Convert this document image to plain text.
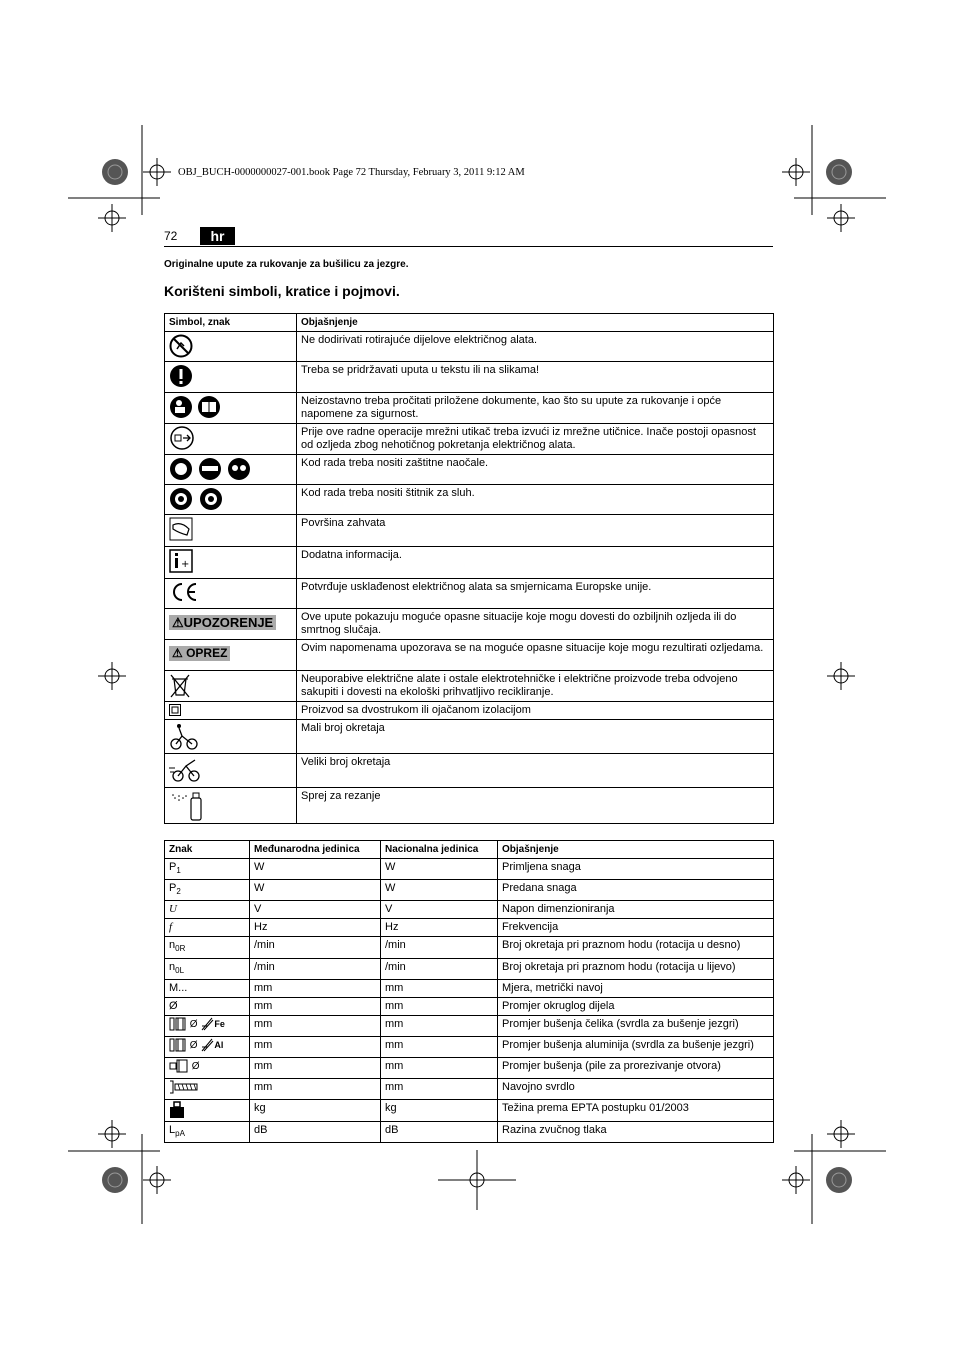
OBJ_BUCH-0000000027-001.book Page 72 Thursday, February 3, 2011 9:12 AM
72	hr
Originalne upute za rukovanje za bušilicu za jezgre.
Korišteni simboli, kratice i pojmovi.
Simbol, znak	Objašnjenje
	Ne dodirivati rotirajuće dijelove električnog alata.
	Treba se pridržavati uputa u tekstu ili na slikama!
	Neizostavno treba pročitati priložene dokumente, kao što su upute za rukovanje i opće napomene za sigurnost.
	Prije ove radne operacije mrežni utikač treba izvući iz mrežne utičnice. Inače postoji opasnost od ozljeda zbog nehotičnog pokretanja električnog alata.
	Kod rada treba nositi zaštitne naočale.
	Kod rada treba nositi štitnik za sluh.
	Površina zahvata

+	Dodatna informacija.
	Potvrđuje usklađenost električnog alata sa smjernicama Europske unije.
⚠UPOZORENJE	Ove upute pokazuju moguće opasne situacije koje mogu dovesti do ozbiljnih ozljeda ili do smrtnog slučaja.
⚠ OPREZ	Ovim napomenama upozorava se na moguće opasne situacije koje mogu rezultirati ozljedama.
	Neuporabive električne alate i ostale elektrotehničke i električne proizvode treba odvojeno sakupiti i dovesti na ekološki prihvatljivo recikliranje.
	Proizvod sa dvostrukom ili ojačanom izolacijom
	Mali broj okretaja
	Veliki broj okretaja
	Sprej za rezanje
Znak	Međunarodna jedinica	Nacionalna jedinica	Objašnjenje
$P_1$	W	W	Primljena snaga
$P_2$	W	W	Predana snaga
U	V	V	Napon dimenzioniranja
f	Hz	Hz	Frekvencija
$n_{0R}$	/min	/min	Broj okretaja pri praznom hodu (rotacija u desno)
$n_{0L}$	/min	/min	Broj okretaja pri praznom hodu (rotacija u lijevo)
M...	mm	mm	Mjera, metrički navoj
Ø	mm	mm	Promjer okruglog dijela
Ø Fe	mm	mm	Promjer bušenja čelika (svrdla za bušenje jezgri)
Ø Al	mm	mm	Promjer bušenja aluminija (svrdla za bušenje jezgri)
Ø	mm	mm	Promjer bušenja (pile za prorezivanje otvora)
	mm	mm	Navojno svrdlo
	kg	kg	Težina prema EPTA postupku 01/2003
$L_{pA}$	dB	dB	Razina zvučnog tlaka
